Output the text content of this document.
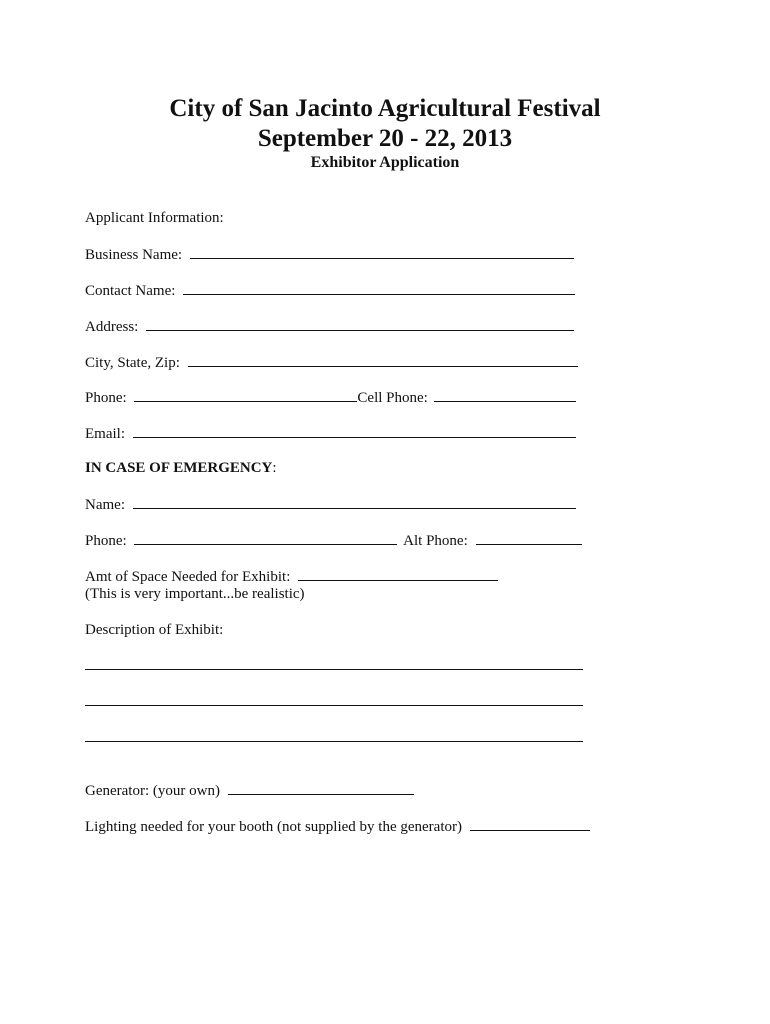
City of San Jacinto Agricultural Festival
September 20 - 22, 2013
Exhibitor Application
Applicant Information:
Business Name:
Contact Name:
Address:
City, State, Zip:
Phone:	Cell Phone:
Email:
IN CASE OF EMERGENCY:
Name:
Phone:	Alt Phone:
Amt of Space Needed for Exhibit:
(This is very important...be realistic)
Description of Exhibit:
Generator: (your own)
Lighting needed for your booth (not supplied by the generator)
